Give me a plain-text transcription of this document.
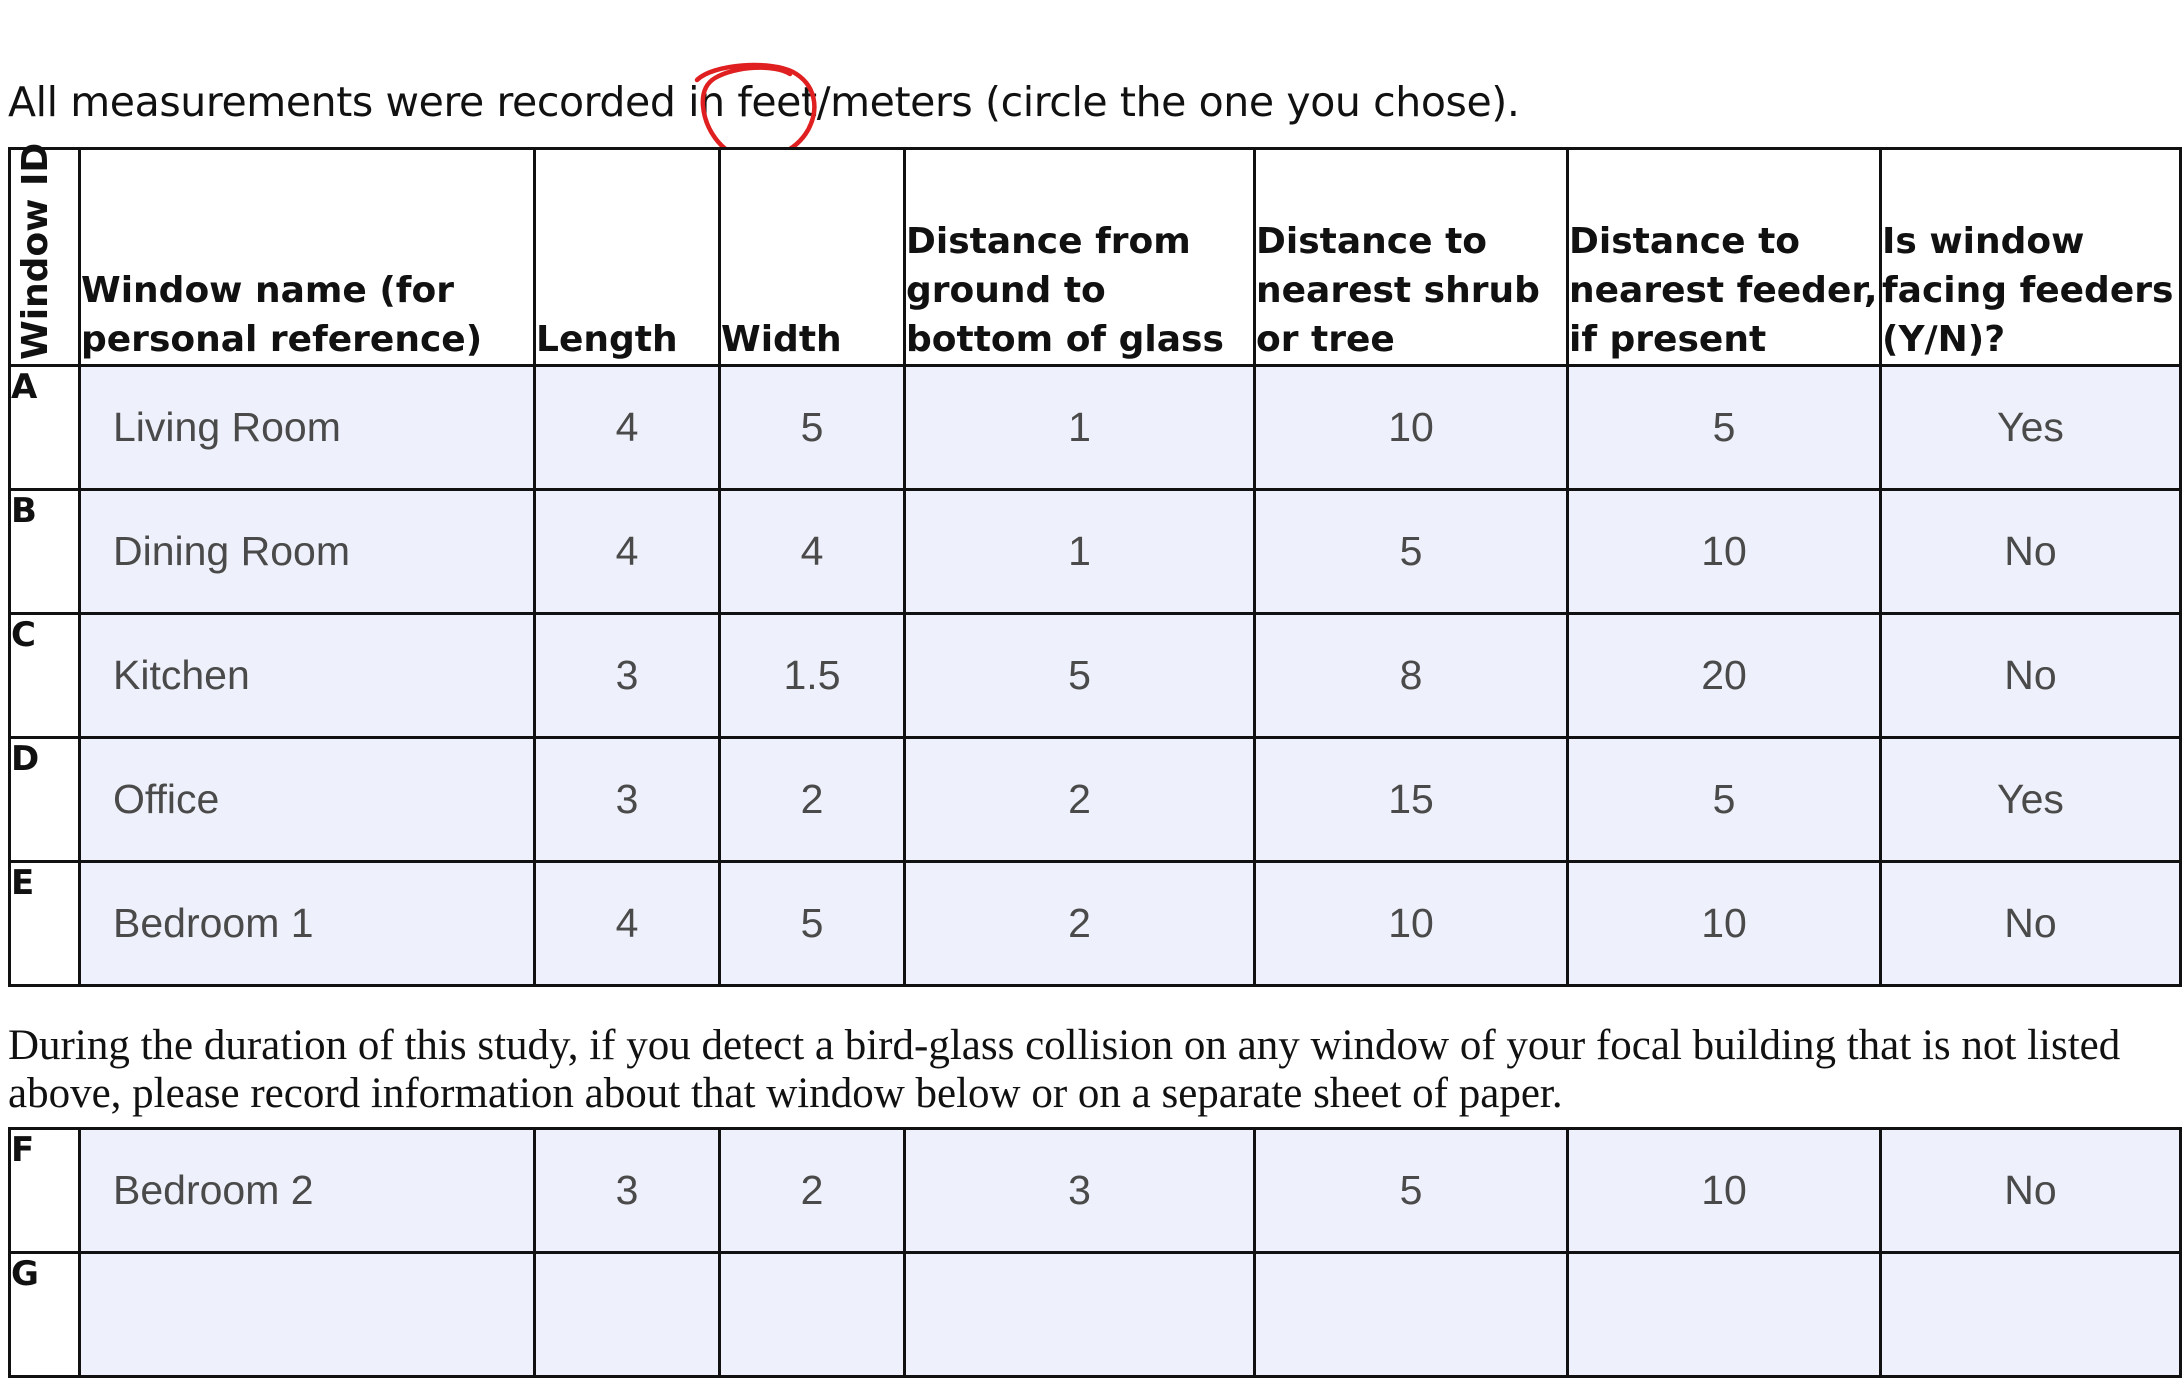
All measurements were recorded in feet/meters (circle the one you chose).
Window ID	Window name (for personal reference)	Length	Width	Distance from ground to bottom of glass	Distance to nearest shrub or tree	Distance to nearest feeder, if present	Is window facing feeders (Y/N)?
A	Living Room	4	5	1	10	5	Yes
B	Dining Room	4	4	1	5	10	No
C	Kitchen	3	1.5	5	8	20	No
D	Office	3	2	2	15	5	Yes
E	Bedroom 1	4	5	2	10	10	No
During the duration of this study, if you detect a bird-glass collision on any window of your focal building that is not listed above, please record information about that window below or on a separate sheet of paper.
F	Bedroom 2	3	2	3	5	10	No
G							
